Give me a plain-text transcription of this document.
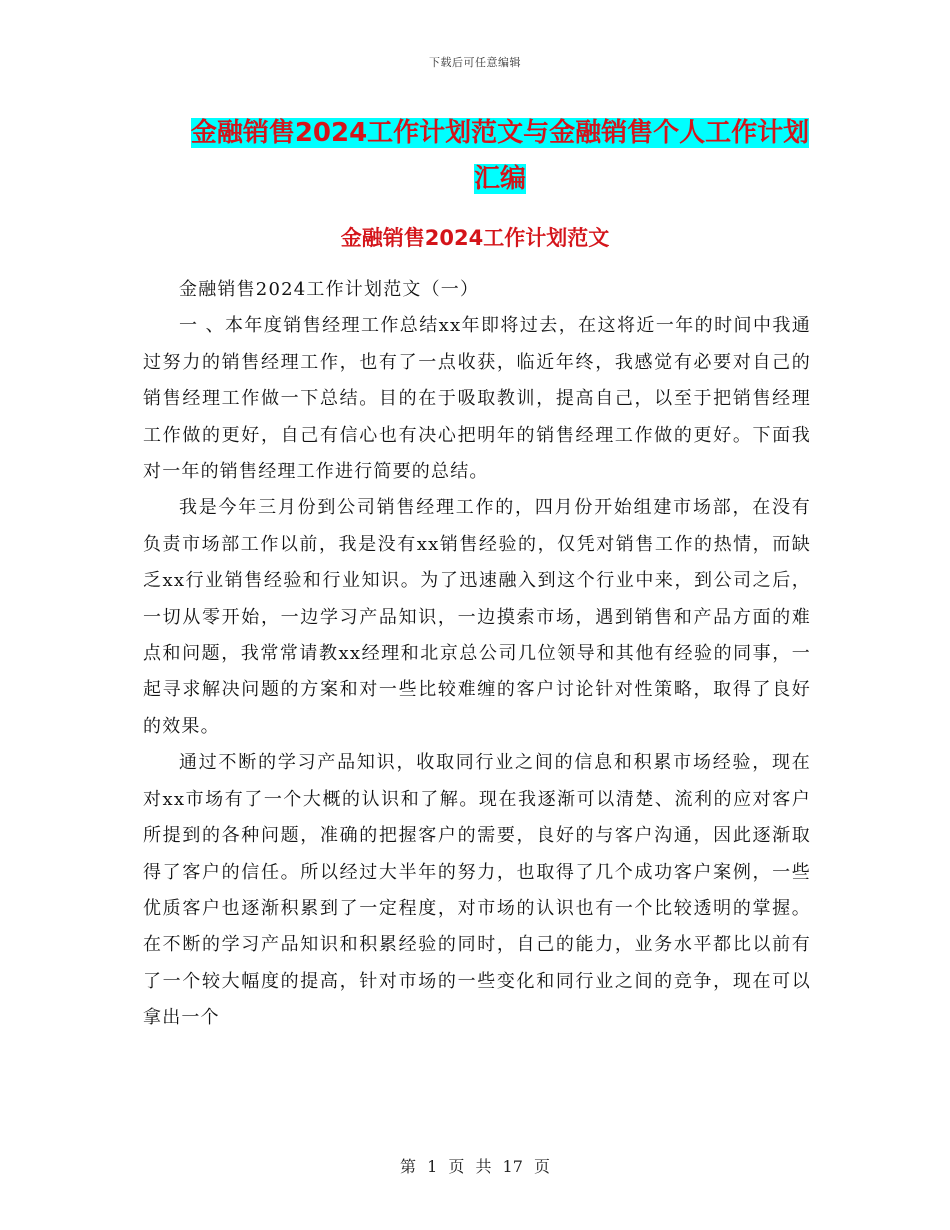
下载后可任意编辑
金融销售2024工作计划范文与金融销售个人工作计划
汇编
金融销售2024工作计划范文

金融销售2024工作计划范文（一）

一 、本年度销售经理工作总结xx年即将过去，在这将近一年的时间中我通过努力的销售经理工作，也有了一点收获，临近年终，我感觉有必要对自己的销售经理工作做一下总结。目的在于吸取教训，提高自己，以至于把销售经理工作做的更好，自己有信心也有决心把明年的销售经理工作做的更好。下面我对一年的销售经理工作进行简要的总结。

我是今年三月份到公司销售经理工作的，四月份开始组建市场部，在没有负责市场部工作以前，我是没有xx销售经验的，仅凭对销售工作的热情，而缺乏xx行业销售经验和行业知识。为了迅速融入到这个行业中来，到公司之后，一切从零开始，一边学习产品知识，一边摸索市场，遇到销售和产品方面的难点和问题，我常常请教xx经理和北京总公司几位领导和其他有经验的同事，一起寻求解决问题的方案和对一些比较难缠的客户讨论针对性策略，取得了良好的效果。

通过不断的学习产品知识，收取同行业之间的信息和积累市场经验，现在对xx市场有了一个大概的认识和了解。现在我逐渐可以清楚、流利的应对客户所提到的各种问题，准确的把握客户的需要，良好的与客户沟通，因此逐渐取得了客户的信任。所以经过大半年的努力，也取得了几个成功客户案例，一些优质客户也逐渐积累到了一定程度，对市场的认识也有一个比较透明的掌握。在不断的学习产品知识和积累经验的同时，自己的能力，业务水平都比以前有了一个较大幅度的提高，针对市场的一些变化和同行业之间的竞争，现在可以拿出一个

第 1 页 共 17 页
